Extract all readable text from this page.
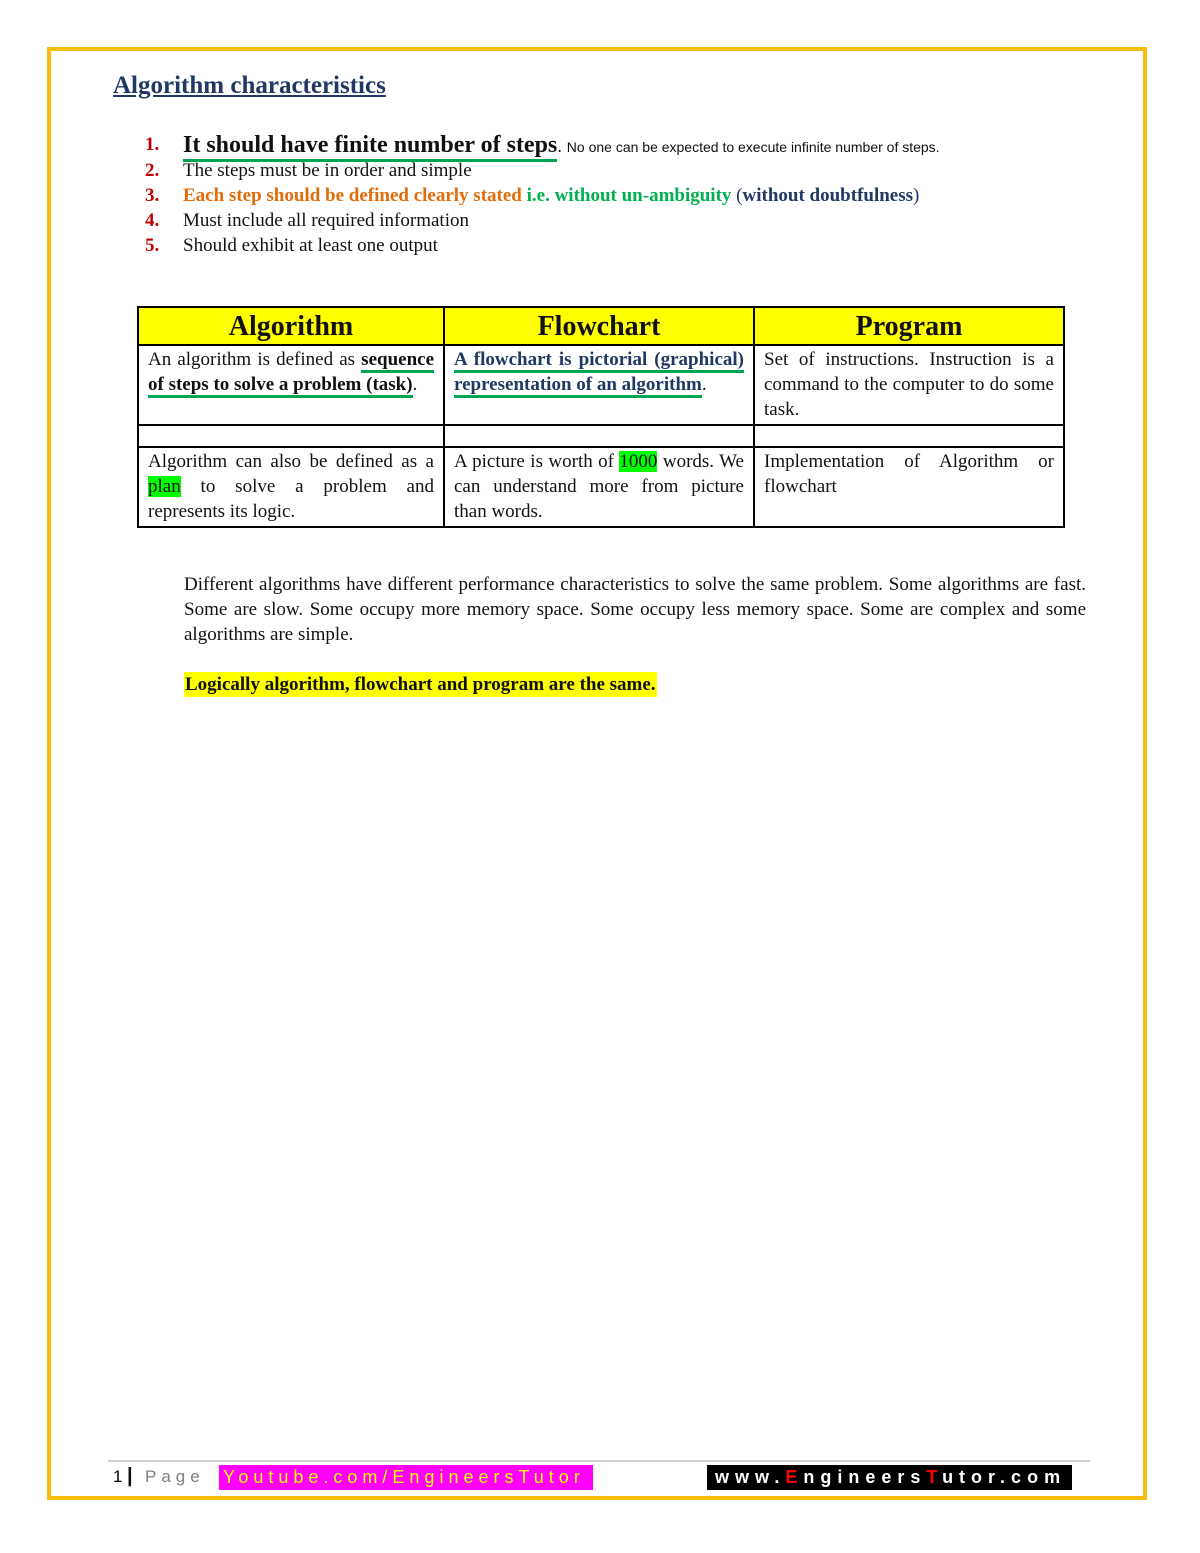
Algorithm characteristics
1. It should have finite number of steps. No one can be expected to execute infinite number of steps.
2. The steps must be in order and simple
3. Each step should be defined clearly stated i.e. without un-ambiguity (without doubtfulness)
4. Must include all required information
5. Should exhibit at least one output
Algorithm	Flowchart	Program
An algorithm is defined as sequence of steps to solve a problem (task).	A flowchart is pictorial (graphical) representation of an algorithm.	Set of instructions. Instruction is a command to the computer to do some task.

Algorithm can also be defined as a plan to solve a problem and represents its logic.	A picture is worth of 1000 words. We can understand more from picture than words.	Implementation of Algorithm or flowchart

Different algorithms have different performance characteristics to solve the same problem. Some algorithms are fast. Some are slow. Some occupy more memory space. Some occupy less memory space. Some are complex and some algorithms are simple.

Logically algorithm, flowchart and program are the same.

1 | Page Youtube.com/EngineersTutor	www.EngineersTutor.com
